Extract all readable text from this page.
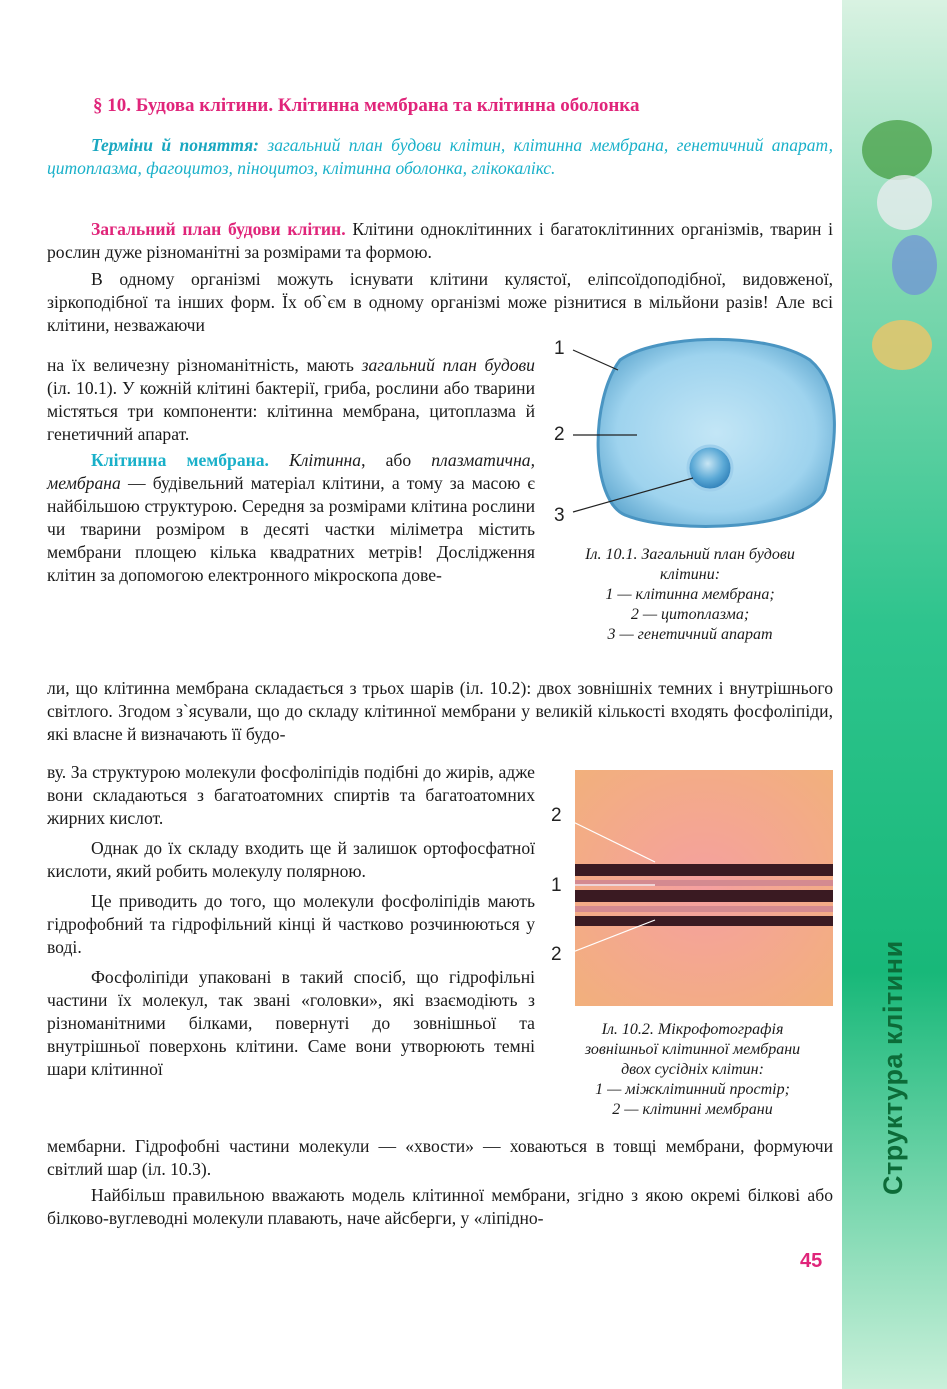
Структура клітини
§ 10. Будова клітини. Клітинна мембрана та клітинна оболонка
Терміни й поняття: загальний план будови клітин, клітинна мембрана, генетичний апарат, цитоплазма, фагоцитоз, піноцитоз, клітинна оболонка, глікокалікс.

Загальний план будови клітин. Клітини одноклітинних і багатоклітинних організмів, тварин і рослин дуже різноманітні за розмірами та формою.

В одному організмі можуть існувати клітини кулястої, еліпсоїдоподібної, видовженої, зіркоподібної та інших форм. Їх об`єм в одному організмі може різнитися в мільйони разів! Але всі клітини, незважаючи

на їх величезну різноманітність, мають загальний план будови (іл. 10.1). У кожній клітині бактерії, гриба, рослини або тварини містяться три компоненти: клітинна мембрана, цитоплазма й генетичний апарат.

Клітинна мембрана. Клітинна, або плазматична, мембрана — будівельний матеріал клітини, а тому за масою є найбільшою структурою. Середня за розмірами клітина рослини чи тварини розміром в десяті частки міліметра містить мембрани площею кілька квадратних метрів! Дослідження клітин за допомогою електронного мікроскопа дове-

ли, що клітинна мембрана складається з трьох шарів (іл. 10.2): двох зовнішніх темних і внутрішнього світлого. Згодом з`ясували, що до складу клітинної мембрани у великій кількості входять фосфоліпіди, які власне й визначають її будо-

ву. За структурою молекули фосфоліпідів подібні до жирів, адже вони складаються з багатоатомних спиртів та багатоатомних жирних кислот.

Однак до їх складу входить ще й залишок ортофосфатної кислоти, який робить молекулу полярною.

Це приводить до того, що молекули фосфоліпідів мають гідрофобний та гідрофільний кінці й частково розчинюються у воді.

Фосфоліпіди упаковані в такий спосіб, що гідрофільні частини їх молекул, так звані «головки», які взаємодіють з різноманітними білками, повернуті до зовнішньої та внутрішньої поверхонь клітини. Саме вони утворюють темні шари клітинної

мембарни. Гідрофобні частини молекули — «хвости» — ховаються в товщі мембрани, формуючи світлий шар (іл. 10.3).

Найбільш правильною вважають модель клітинної мембрани, згідно з якою окремі білкові або білково-вуглеводні молекули плавають, наче айсберги, у «ліпідно-

1
2
3
Іл. 10.1. Загальний план будови
клітини:
1 — клітинна мембрана;
2 — цитоплазма;
3 — генетичний апарат
2
1
2
Іл. 10.2. Мікрофотографія
зовнішньої клітинної мембрани
двох сусідніх клітин:
1 — міжклітинний простір;
2 — клітинні мембрани
45
